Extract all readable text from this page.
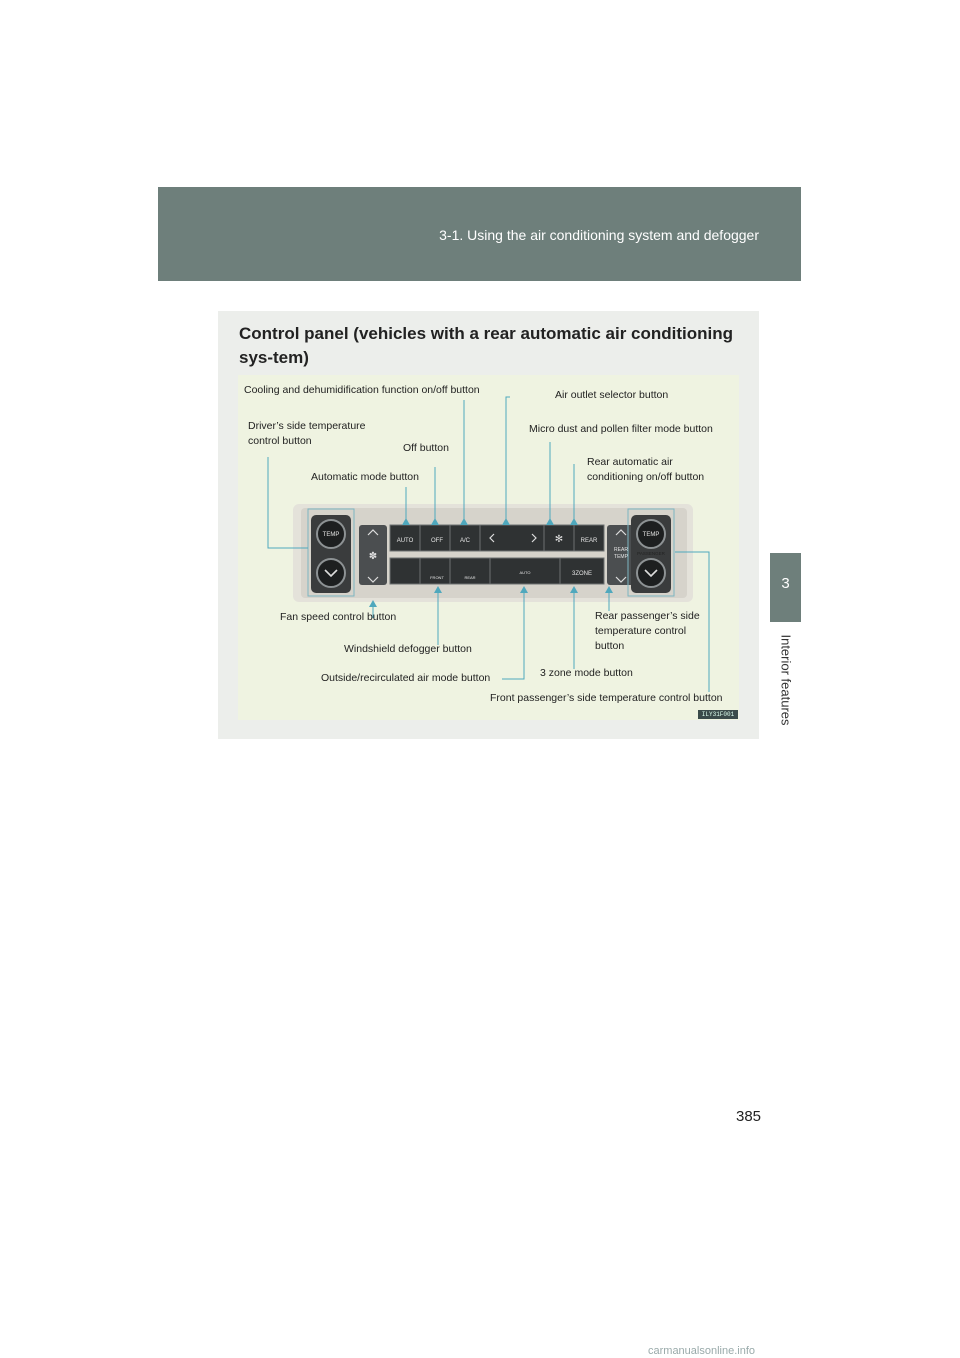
3-1. Using the air conditioning system and defogger
3
Interior features
Control panel (vehicles with a rear automatic air conditioning sys-tem)
✽
✻
TEMP	TEMP
AUTO	OFF	A/C	REAR
REAR
TEMP
PASSENGER
FRONT	REAR
AUTO	3ZONE
Cooling and dehumidification function on/off button	Air outlet selector button
Driver’s side temperature control button
Off button
Micro dust and pollen filter mode button
Automatic mode button
Rear automatic air conditioning on/off button
Fan speed control button	Rear passenger’s side temperature control button
Windshield defogger button
Outside/recirculated air mode button	3 zone mode button
Front passenger’s side temperature control button
ILY31F001
385
carmanualsonline.info
